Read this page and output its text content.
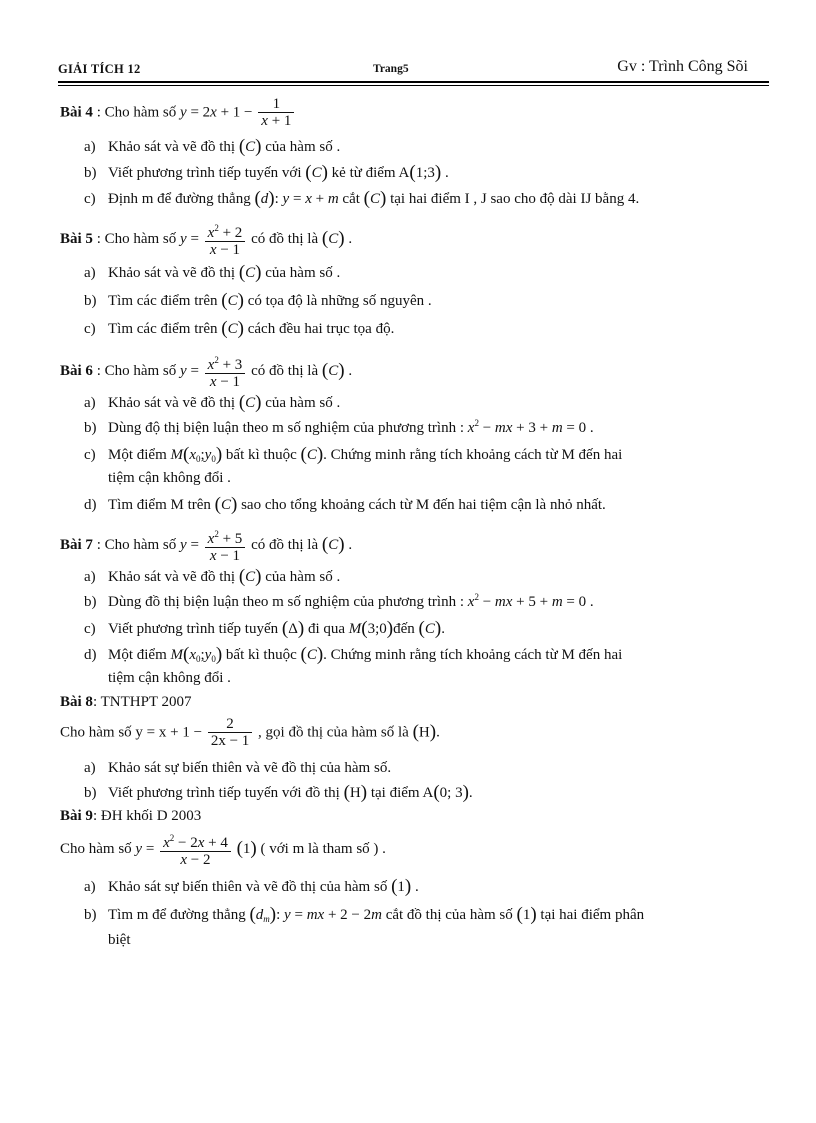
GIẢI TÍCH 12	Trang5	Gv : Trình Công Sõi
Bài 4 : Cho hàm số $y = 2x + 1 - \frac{1}{x + 1}$
a) Khảo sát và vẽ đồ thị (C) của hàm số .
b) Viết phương trình tiếp tuyến với (C) kẻ từ điểm A(1;3) .
c) Định m để đường thẳng (d): y = x + m cắt (C) tại hai điểm I , J sao cho độ dài IJ bằng 4.
Bài 5 : Cho hàm số $y = \frac{x^2 + 2}{x - 1}$ có đồ thị là (C) .
a) Khảo sát và vẽ đồ thị (C) của hàm số .
b) Tìm các điểm trên (C) có tọa độ là những số nguyên .
c) Tìm các điểm trên (C) cách đều hai trục tọa độ.
Bài 6 : Cho hàm số $y = \frac{x^2 + 3}{x - 1}$ có đồ thị là (C) .
a) Khảo sát và vẽ đồ thị (C) của hàm số .
b) Dùng độ thị biện luận theo m số nghiệm của phương trình : $x^2$ − mx + 3 + m = 0 .
c) Một điểm $M(x_0;y_0)$ bất kì thuộc (C). Chứng minh rằng tích khoảng cách từ M đến hai
tiệm cận không đổi .
d) Tìm điểm M trên (C) sao cho tổng khoảng cách từ M đến hai tiệm cận là nhỏ nhất.
Bài 7 : Cho hàm số $y = \frac{x^2 + 5}{x - 1}$ có đồ thị là (C) .
a) Khảo sát và vẽ đồ thị (C) của hàm số .
b) Dùng đồ thị biện luận theo m số nghiệm của phương trình : $x^2$ − mx + 5 + m = 0 .
c) Viết phương trình tiếp tuyến (Δ) đi qua M(3;0)đến (C).
d) Một điểm $M(x_0;y_0)$ bất kì thuộc (C). Chứng minh rằng tích khoảng cách từ M đến hai
tiệm cận không đổi .
Bài 8: TNTHPT 2007
Cho hàm số $y = x + 1 - \frac{2}{2x - 1}$ , gọi đồ thị của hàm số là (H).
a) Khảo sát sự biến thiên và vẽ đồ thị của hàm số.
b) Viết phương trình tiếp tuyến với đồ thị (H) tại điểm A(0; 3).
Bài 9: ĐH khối D 2003
Cho hàm số $y = \frac{x^2 - 2x + 4}{x - 2} (1)$ ( với m là tham số ) .
a) Khảo sát sự biến thiên và vẽ đồ thị của hàm số (1) .
b) Tìm m để đường thẳng $(d_m)$: y = mx + 2 − 2m cắt đồ thị của hàm số (1) tại hai điểm phân
biệt
